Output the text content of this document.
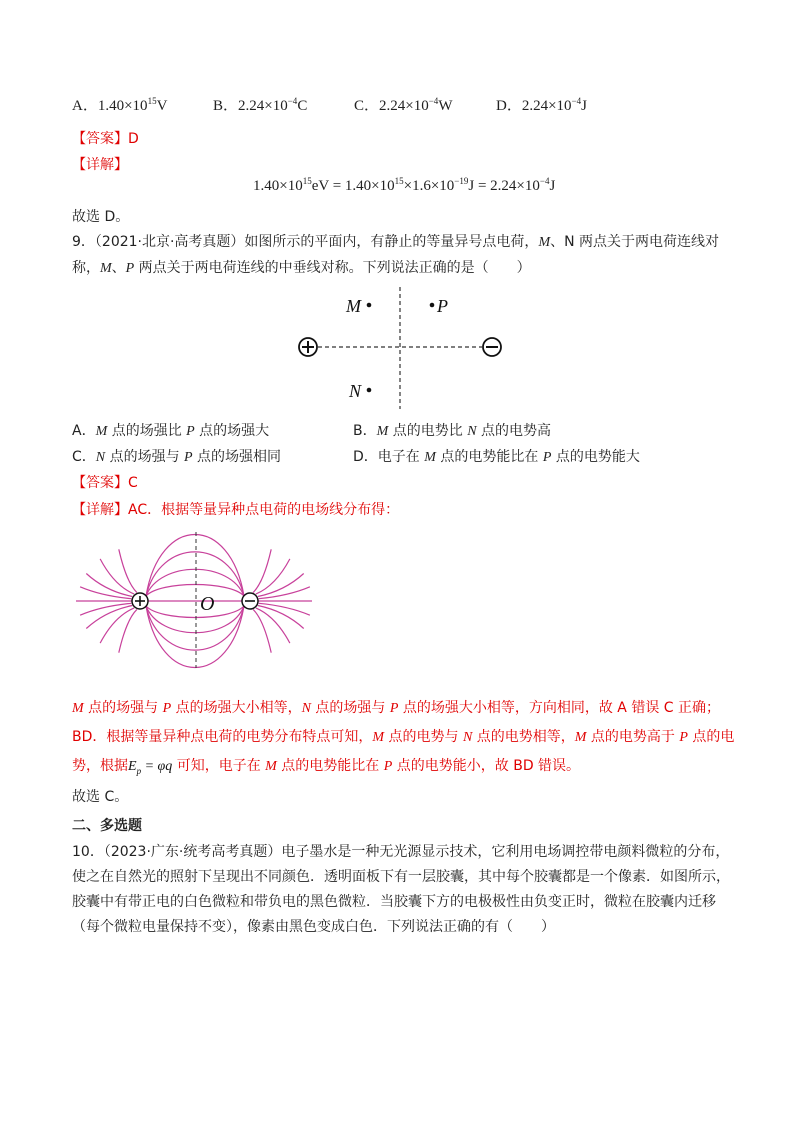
A．$1.40\times 10^{15}V$	B．$2.24\times 10^{-4}C$	C．$2.24\times 10^{-4}W$	D．$2.24\times 10^{-4}J$
【答案】D
【详解】
$1.40\times 10^{15}eV = 1.40\times 10^{15}\times 1.6\times 10^{-19}J = 2.24\times 10^{-4}J$
故选 D。
9．（2021·北京·高考真题）如图所示的平面内，有静止的等量异号点电荷，M、N 两点关于两电荷连线对
称，M、P 两点关于两电荷连线的中垂线对称。下列说法正确的是（　　）
M	P
N
A．M 点的场强比 P 点的场强大	B．M 点的电势比 N 点的电势高
C．N 点的场强与 P 点的场强相同	D．电子在 M 点的电势能比在 P 点的电势能大
【答案】C
【详解】AC．根据等量异种点电荷的电场线分布得：
O
M 点的场强与 P 点的场强大小相等，N 点的场强与 P 点的场强大小相等，方向相同，故 A 错误 C 正确；
BD．根据等量异种点电荷的电势分布特点可知，M 点的电势与 N 点的电势相等，M 点的电势高于 P 点的电
势，根据$E_p = \varphi q$ 可知，电子在 M 点的电势能比在 P 点的电势能小，故 BD 错误。
故选 C。
二、多选题
10．（2023·广东·统考高考真题）电子墨水是一种无光源显示技术，它利用电场调控带电颜料微粒的分布，
使之在自然光的照射下呈现出不同颜色．透明面板下有一层胶囊，其中每个胶囊都是一个像素．如图所示，
胶囊中有带正电的白色微粒和带负电的黑色微粒．当胶囊下方的电极极性由负变正时，微粒在胶囊内迁移
（每个微粒电量保持不变），像素由黑色变成白色．下列说法正确的有（　　）
